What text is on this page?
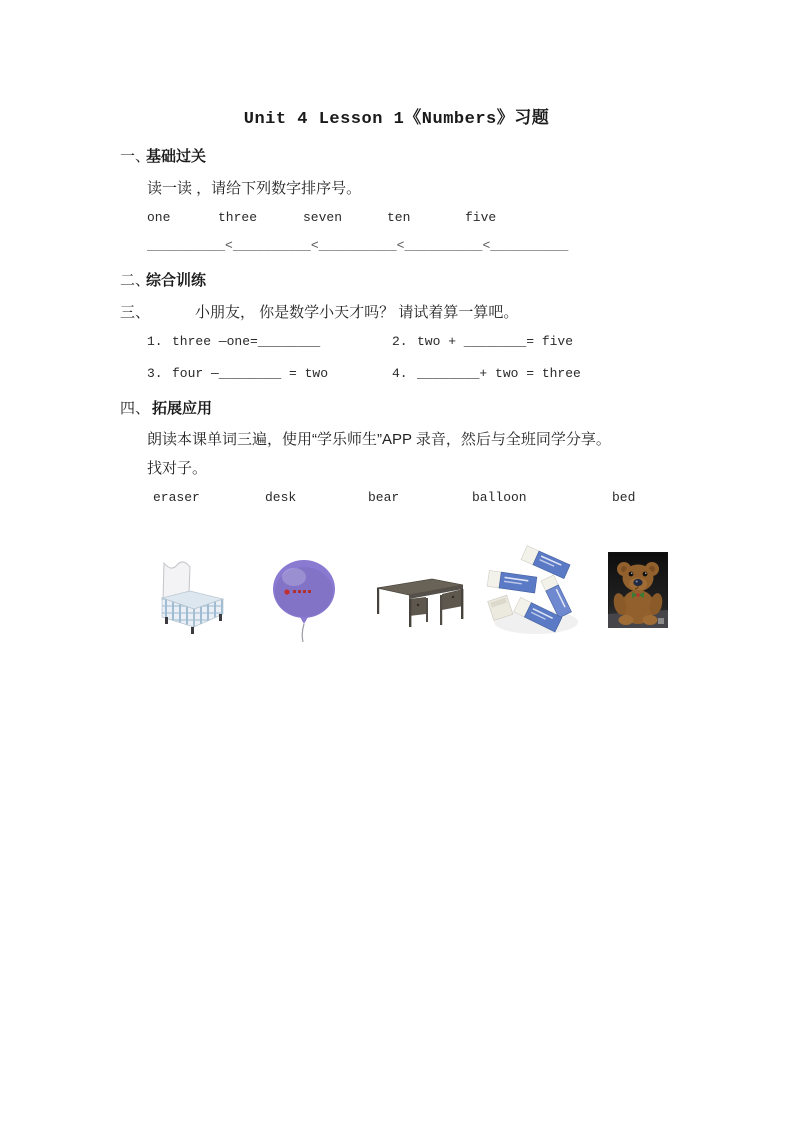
Unit 4 Lesson 1《Numbers》习题
一、
基础过关
读一读 ，请给下列数字排序号。
one	three	seven	ten	five
__________<__________<__________<__________<__________
二、
综合训练
三、	小朋友， 你是数学小天才吗？ 请试着算一算吧。
1. three —one=________	2. two + ________= five
3. four —________ = two	4. ________+ two = three
四、 拓展应用
朗读本课单词三遍，使用“学乐师生”APP 录音，然后与全班同学分享。
找对子。
eraser	desk	bear	balloon	bed
